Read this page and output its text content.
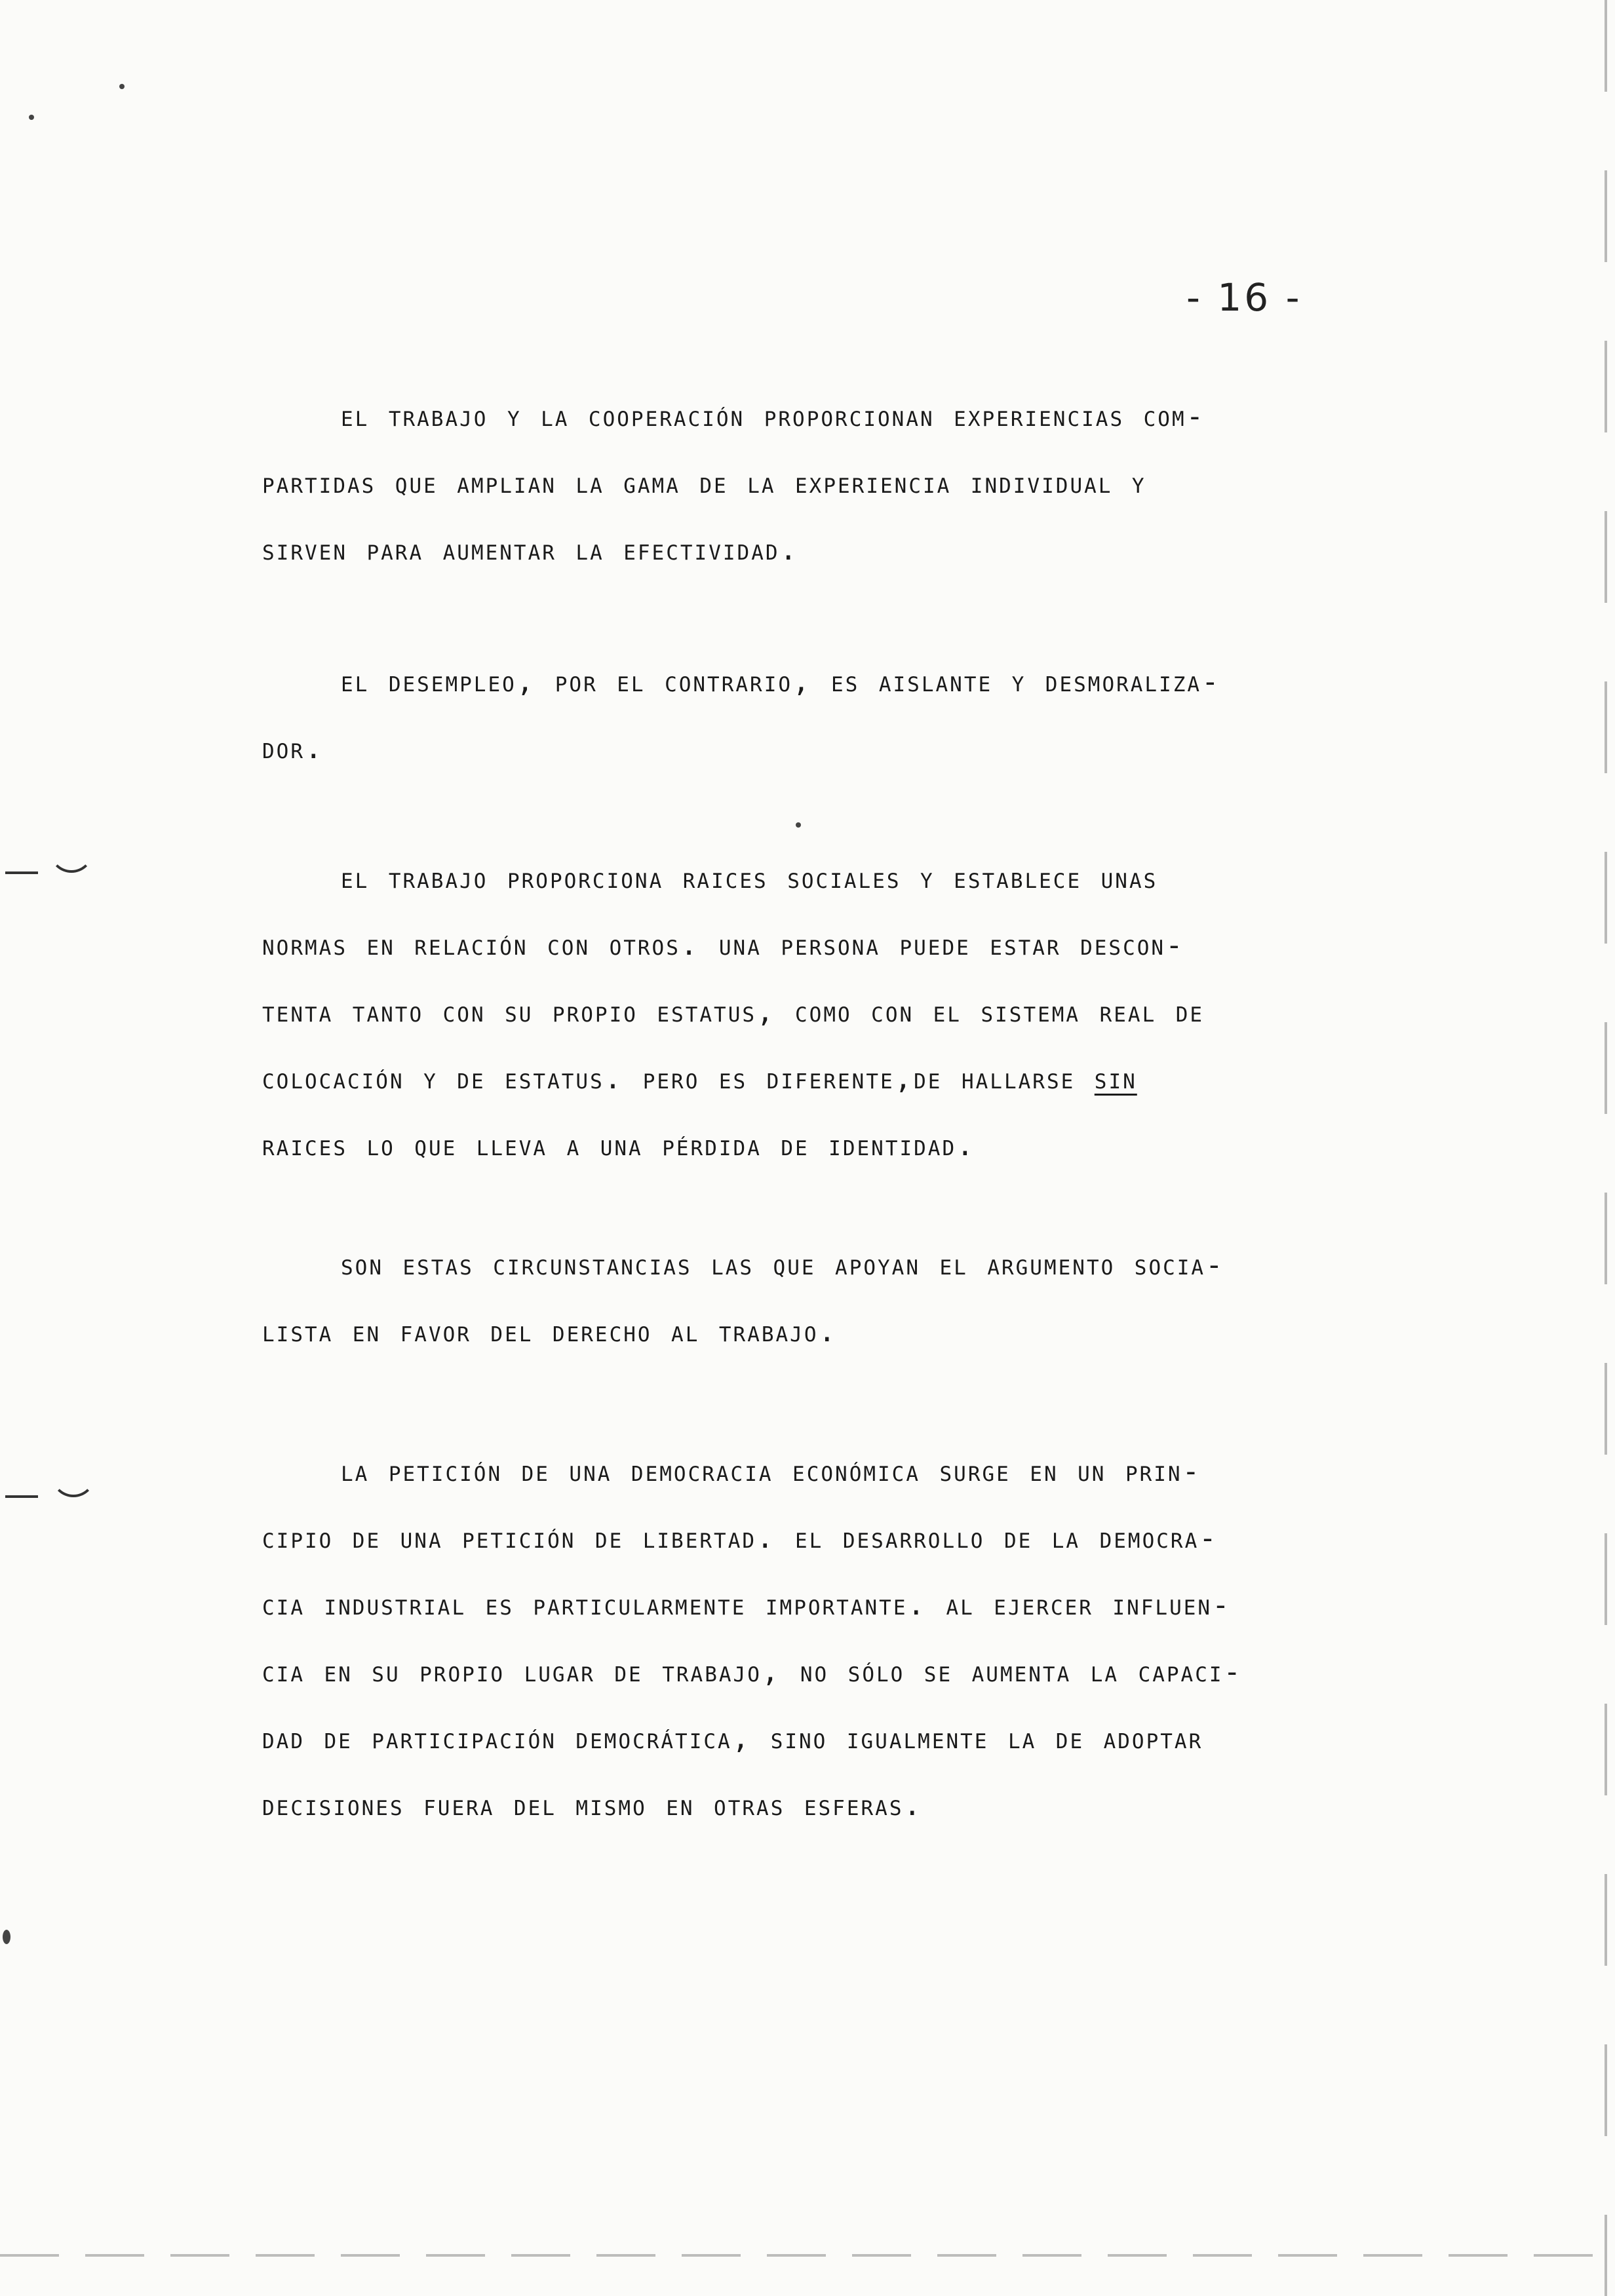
- 16 -
el trabajo y la cooperación proporcionan experiencias com-
partidas que amplian la gama de la experiencia individual y
sirven para aumentar la efectividad.
el desempleo, por el contrario, es aislante y desmoralizа-
dor.
el trabajo proporciona raices sociales y establece unas
normas en relación con otros. una persona puede estar descon-
tenta tanto con su propio estatus, como con el sistema real de
colocación y de estatus. pero es diferente,de hallarse sin
raices lo que lleva a una pérdida de identidad.
son estas circunstancias las que apoyan el argumento socia-
lista en favor del derecho al trabajo.
la petición de una democracia económica surge en un prin-
cipio de una petición de libertad. el desarrollo de la democra-
cia industrial es particularmente importante. al ejercer influen-
cia en su propio lugar de trabajo, no sólo se aumenta la capaci-
dad de participación democrática, sino igualmente la de adoptar
decisiones fuera del mismo en otras esferas.
